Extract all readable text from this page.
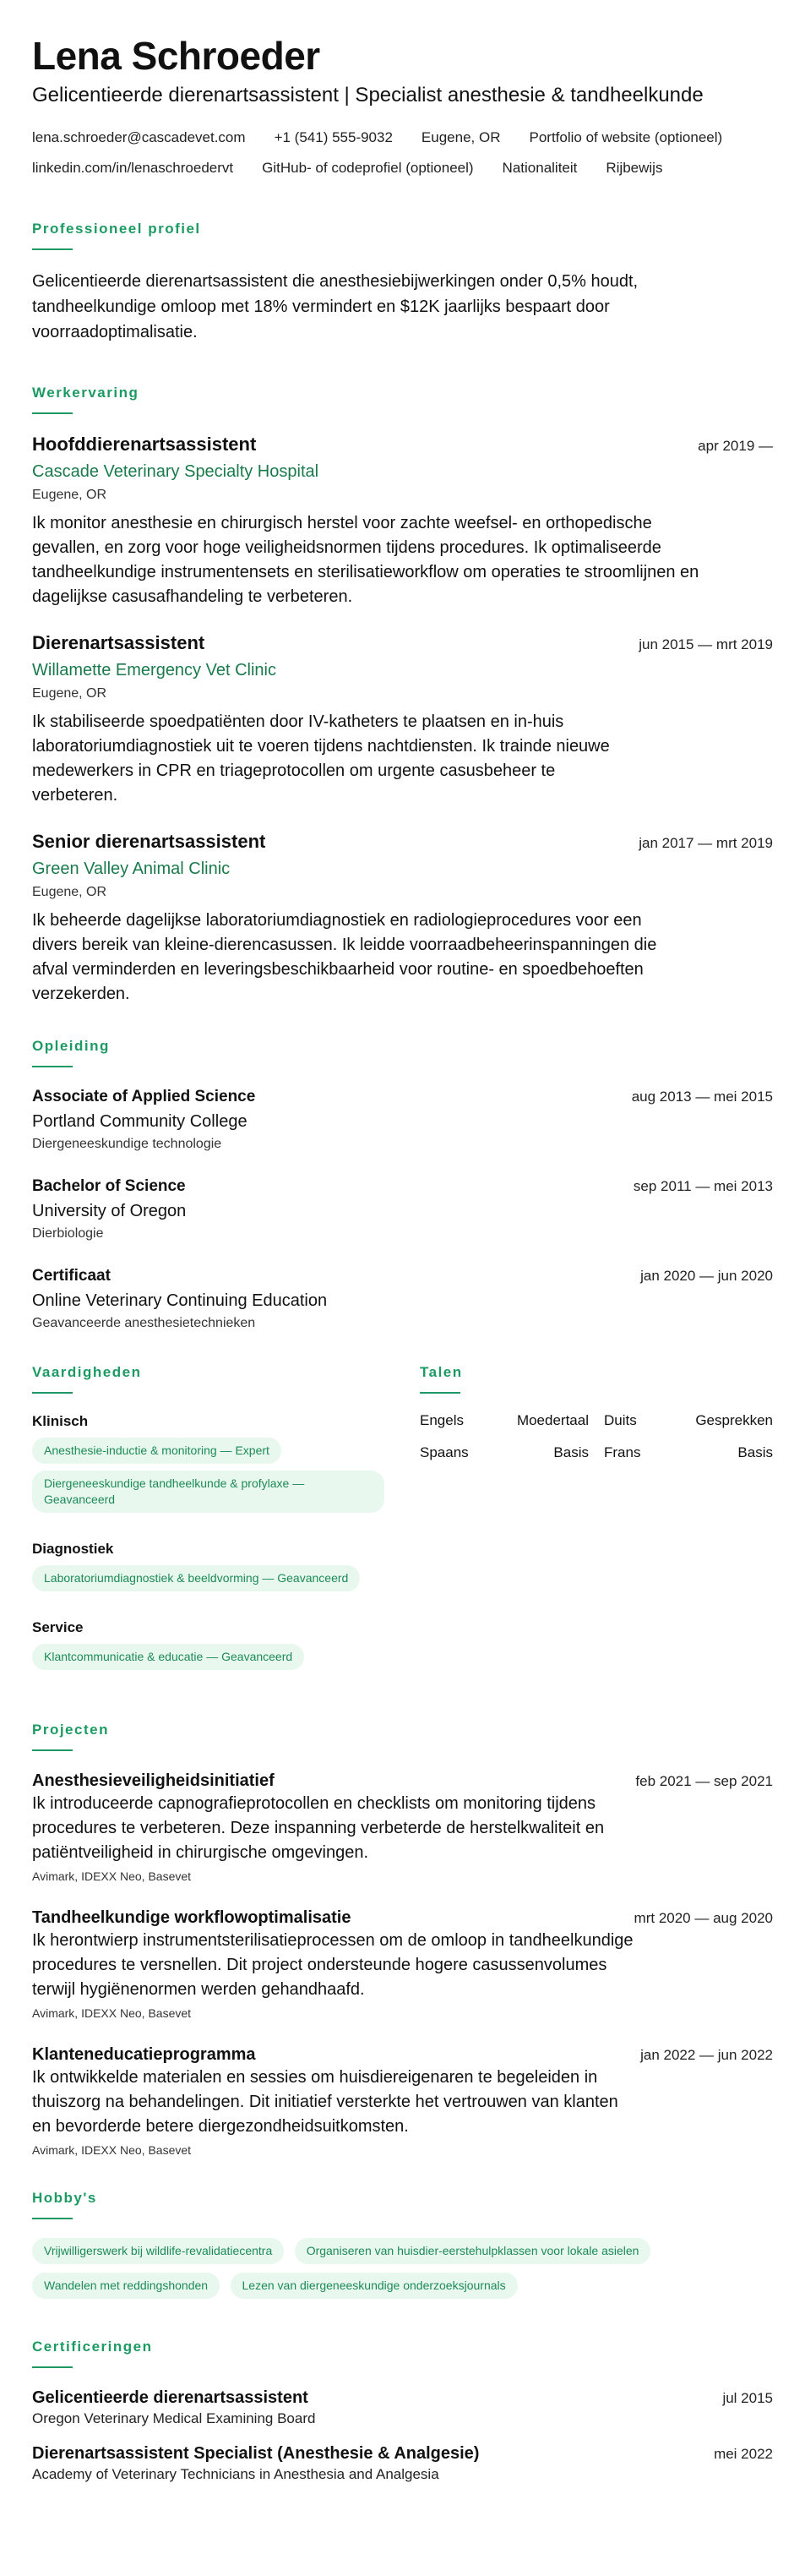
Lena Schroeder
Gelicentieerde dierenartsassistent | Specialist anesthesie & tandheelkunde
lena.schroeder@cascadevet.com +1 (541) 555-9032 Eugene, OR Portfolio of website (optioneel)
linkedin.com/in/lenaschroedervt GitHub- of codeprofiel (optioneel) Nationaliteit Rijbewijs
Professioneel profiel

Gelicentieerde dierenartsassistent die anesthesiebijwerkingen onder 0,5% houdt, tandheelkundige omloop met 18% vermindert en $12K jaarlijks bespaart door voorraadoptimalisatie.

Werkervaring
Hoofddierenartsassistent	apr 2019 —
Cascade Veterinary Specialty Hospital
Eugene, OR
Ik monitor anesthesie en chirurgisch herstel voor zachte weefsel- en orthopedische gevallen, en zorg voor hoge veiligheidsnormen tijdens procedures. Ik optimaliseerde tandheelkundige instrumentensets en sterilisatieworkflow om operaties te stroomlijnen en dagelijkse casusafhandeling te verbeteren.
Dierenartsassistent	jun 2015 — mrt 2019
Willamette Emergency Vet Clinic
Eugene, OR
Ik stabiliseerde spoedpatiënten door IV-katheters te plaatsen en in-huis laboratoriumdiagnostiek uit te voeren tijdens nachtdiensten. Ik trainde nieuwe medewerkers in CPR en triageprotocollen om urgente casusbeheer te verbeteren.
Senior dierenartsassistent	jan 2017 — mrt 2019
Green Valley Animal Clinic
Eugene, OR
Ik beheerde dagelijkse laboratoriumdiagnostiek en radiologieprocedures voor een divers bereik van kleine-dierencasussen. Ik leidde voorraadbeheerinspanningen die afval verminderden en leveringsbeschikbaarheid voor routine- en spoedbehoeften verzekerden.
Opleiding
Associate of Applied Science	aug 2013 — mei 2015
Portland Community College
Diergeneeskundige technologie
Bachelor of Science	sep 2011 — mei 2013
University of Oregon
Dierbiologie
Certificaat	jan 2020 — jun 2020
Online Veterinary Continuing Education
Geavanceerde anesthesietechnieken
Vaardigheden
Klinisch
Anesthesie-inductie & monitoring — Expert
Diergeneeskundige tandheelkunde & profylaxe — Geavanceerd
Diagnostiek
Laboratoriumdiagnostiek & beeldvorming — Geavanceerd
Service
Klantcommunicatie & educatie — Geavanceerd
Talen
Engels	Moedertaal Duits	Gesprekken
Spaans	Basis Frans	Basis
Projecten
Anesthesieveiligheidsinitiatief	feb 2021 — sep 2021
Ik introduceerde capnografieprotocollen en checklists om monitoring tijdens procedures te verbeteren. Deze inspanning verbeterde de herstelkwaliteit en patiëntveiligheid in chirurgische omgevingen.
Avimark, IDEXX Neo, Basevet
Tandheelkundige workflowoptimalisatie	mrt 2020 — aug 2020
Ik herontwierp instrumentsterilisatieprocessen om de omloop in tandheelkundige procedures te versnellen. Dit project ondersteunde hogere casussenvolumes terwijl hygiënenormen werden gehandhaafd.
Avimark, IDEXX Neo, Basevet
Klanteneducatieprogramma	jan 2022 — jun 2022
Ik ontwikkelde materialen en sessies om huisdiereigenaren te begeleiden in thuiszorg na behandelingen. Dit initiatief versterkte het vertrouwen van klanten en bevorderde betere diergezondheidsuitkomsten.
Avimark, IDEXX Neo, Basevet
Hobby's
Vrijwilligerswerk bij wildlife-revalidatiecentra	Organiseren van huisdier-eerstehulpklassen voor lokale asielen Wandelen met reddingshonden	Lezen van diergeneeskundige onderzoeksjournals
Certificeringen
Gelicentieerde dierenartsassistent	jul 2015
Oregon Veterinary Medical Examining Board
Dierenartsassistent Specialist (Anesthesie & Analgesie)	mei 2022
Academy of Veterinary Technicians in Anesthesia and Analgesia
